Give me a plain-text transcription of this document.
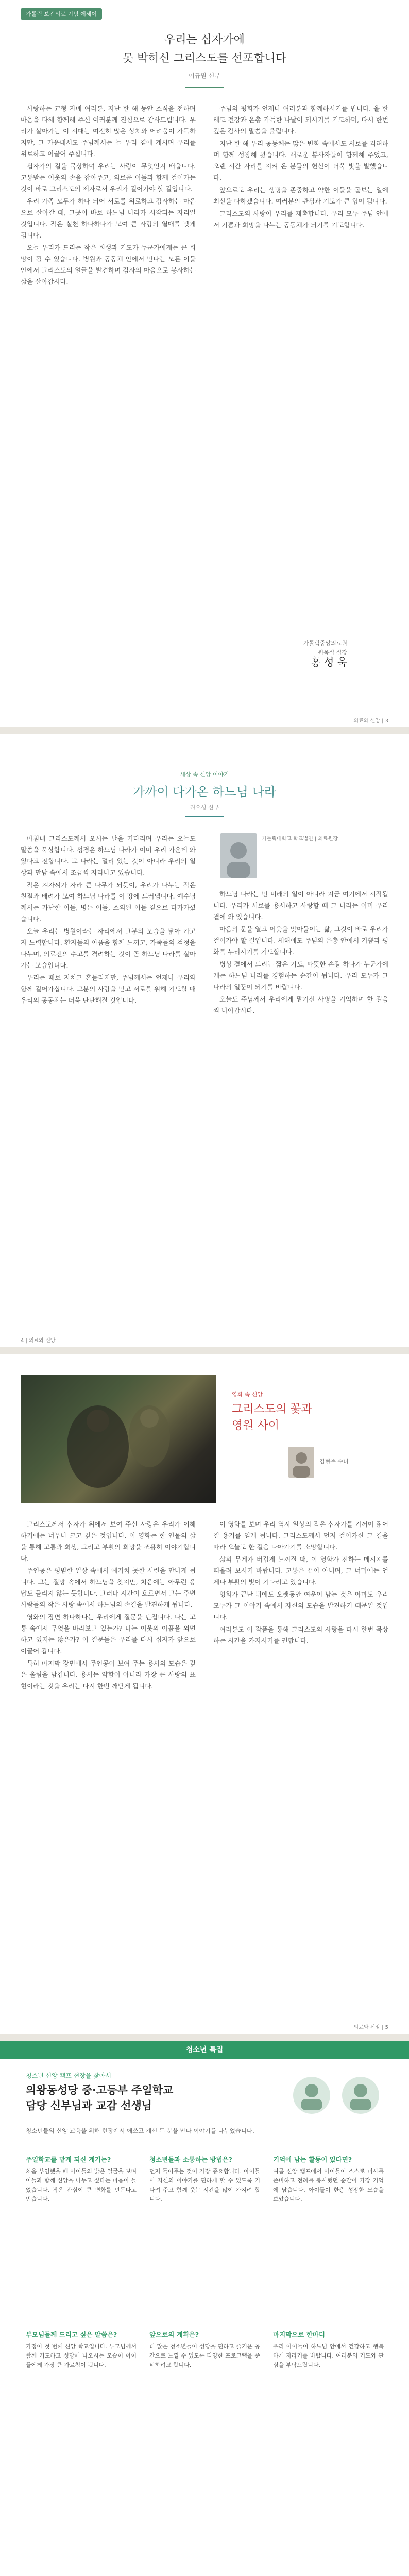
가톨릭 보건의료 기념 에세이
우리는 십자가에
못 박히신 그리스도를 선포합니다
이규원 신부

사랑하는 교형 자매 여러분, 지난 한 해 동안 소식을 전하며 마음을 다해 함께해 주신 여러분께 진심으로 감사드립니다. 우리가 살아가는 이 시대는 여전히 많은 상처와 어려움이 가득하지만, 그 가운데서도 주님께서는 늘 우리 곁에 계시며 우리를 위로하고 이끌어 주십니다.

십자가의 길을 묵상하며 우리는 사랑이 무엇인지 배웁니다. 고통받는 이웃의 손을 잡아주고, 외로운 이들과 함께 걸어가는 것이 바로 그리스도의 제자로서 우리가 걸어가야 할 길입니다.

우리 가족 모두가 하나 되어 서로를 위로하고 감사하는 마음으로 살아갈 때, 그곳이 바로 하느님 나라가 시작되는 자리일 것입니다. 작은 실천 하나하나가 모여 큰 사랑의 열매를 맺게 됩니다.

오늘 우리가 드리는 작은 희생과 기도가 누군가에게는 큰 희망이 될 수 있습니다. 병원과 공동체 안에서 만나는 모든 이들 안에서 그리스도의 얼굴을 발견하며 감사의 마음으로 봉사하는 삶을 살아갑시다.

주님의 평화가 언제나 여러분과 함께하시기를 빕니다. 올 한 해도 건강과 은총 가득한 나날이 되시기를 기도하며, 다시 한번 깊은 감사의 말씀을 올립니다.

지난 한 해 우리 공동체는 많은 변화 속에서도 서로를 격려하며 함께 성장해 왔습니다. 새로운 봉사자들이 함께해 주었고, 오랜 시간 자리를 지켜 온 분들의 헌신이 더욱 빛을 발했습니다.

앞으로도 우리는 생명을 존중하고 약한 이들을 돌보는 일에 최선을 다하겠습니다. 여러분의 관심과 기도가 큰 힘이 됩니다.

그리스도의 사랑이 우리를 재촉합니다. 우리 모두 주님 안에서 기쁨과 희망을 나누는 공동체가 되기를 기도합니다.

가톨릭중앙의료원
원목실 실장
홍 성 욱
의료와 신앙 | 3
세상 속 신앙 이야기
가까이 다가온 하느님 나라
권오성 신부
가톨릭대학교 학교법인 | 의료원장

마침내 그리스도께서 오시는 날을 기다리며 우리는 오늘도 말씀을 묵상합니다. 성경은 하느님 나라가 이미 우리 가운데 와 있다고 전합니다. 그 나라는 멀리 있는 것이 아니라 우리의 일상과 만남 속에서 조금씩 자라나고 있습니다.

작은 겨자씨가 자라 큰 나무가 되듯이, 우리가 나누는 작은 친절과 배려가 모여 하느님 나라를 이 땅에 드러냅니다. 예수님께서는 가난한 이들, 병든 이들, 소외된 이들 곁으로 다가가셨습니다.

오늘 우리는 병원이라는 자리에서 그분의 모습을 닮아 가고자 노력합니다. 환자들의 아픔을 함께 느끼고, 가족들의 걱정을 나누며, 의료진의 수고를 격려하는 것이 곧 하느님 나라를 살아가는 모습입니다.

우리는 때로 지치고 흔들리지만, 주님께서는 언제나 우리와 함께 걸어가십니다. 그분의 사랑을 믿고 서로를 위해 기도할 때 우리의 공동체는 더욱 단단해질 것입니다.

하느님 나라는 먼 미래의 일이 아니라 지금 여기에서 시작됩니다. 우리가 서로를 용서하고 사랑할 때 그 나라는 이미 우리 곁에 와 있습니다.

마음의 문을 열고 이웃을 맞아들이는 삶, 그것이 바로 우리가 걸어가야 할 길입니다. 새해에도 주님의 은총 안에서 기쁨과 평화를 누리시기를 기도합니다.

병상 곁에서 드리는 짧은 기도, 따뜻한 손길 하나가 누군가에게는 하느님 나라를 경험하는 순간이 됩니다. 우리 모두가 그 나라의 일꾼이 되기를 바랍니다.

오늘도 주님께서 우리에게 맡기신 사명을 기억하며 한 걸음씩 나아갑시다.

4 | 의료와 신앙
영화 속 신앙
그리스도의 꽃과
영원 사이
김현주 수녀

그리스도께서 십자가 위에서 보여 주신 사랑은 우리가 이해하기에는 너무나 크고 깊은 것입니다. 이 영화는 한 인물의 삶을 통해 고통과 희생, 그리고 부활의 희망을 조용히 이야기합니다.

주인공은 평범한 일상 속에서 예기치 못한 시련을 만나게 됩니다. 그는 절망 속에서 하느님을 찾지만, 처음에는 아무런 응답도 들리지 않는 듯합니다. 그러나 시간이 흐르면서 그는 주변 사람들의 작은 사랑 속에서 하느님의 손길을 발견하게 됩니다.

영화의 장면 하나하나는 우리에게 질문을 던집니다. 나는 고통 속에서 무엇을 바라보고 있는가? 나는 이웃의 아픔을 외면하고 있지는 않은가? 이 질문들은 우리를 다시 십자가 앞으로 이끌어 갑니다.

특히 마지막 장면에서 주인공이 보여 주는 용서의 모습은 깊은 울림을 남깁니다. 용서는 약함이 아니라 가장 큰 사랑의 표현이라는 것을 우리는 다시 한번 깨닫게 됩니다.

이 영화를 보며 우리 역시 일상의 작은 십자가를 기꺼이 짊어질 용기를 얻게 됩니다. 그리스도께서 먼저 걸어가신 그 길을 따라 오늘도 한 걸음 나아가기를 소망합니다.

삶의 무게가 버겁게 느껴질 때, 이 영화가 전하는 메시지를 떠올려 보시기 바랍니다. 고통은 끝이 아니며, 그 너머에는 언제나 부활의 빛이 기다리고 있습니다.

영화가 끝난 뒤에도 오랫동안 여운이 남는 것은 아마도 우리 모두가 그 이야기 속에서 자신의 모습을 발견하기 때문일 것입니다.

여러분도 이 작품을 통해 그리스도의 사랑을 다시 한번 묵상하는 시간을 가지시기를 권합니다.

의료와 신앙 | 5
청소년 특집
청소년 신앙 캠프 현장을 찾아서
의왕동성당 중·고등부 주일학교
담당 신부님과 교감 선생님
청소년들의 신앙 교육을 위해 현장에서 애쓰고 계신 두 분을 만나 이야기를 나누었습니다.
주일학교를 맡게 되신 계기는?
처음 부임했을 때 아이들의 밝은 얼굴을 보며 이들과 함께 신앙을 나누고 싶다는 마음이 들었습니다. 작은 관심이 큰 변화를 만든다고 믿습니다.
청소년들과 소통하는 방법은?
먼저 들어주는 것이 가장 중요합니다. 아이들이 자신의 이야기를 편하게 할 수 있도록 기다려 주고 함께 웃는 시간을 많이 가지려 합니다.
기억에 남는 활동이 있다면?
여름 신앙 캠프에서 아이들이 스스로 미사를 준비하고 전례를 봉사했던 순간이 가장 기억에 남습니다. 아이들이 한층 성장한 모습을 보았습니다.
부모님들께 드리고 싶은 말씀은?
가정이 첫 번째 신앙 학교입니다. 부모님께서 함께 기도하고 성당에 나오시는 모습이 아이들에게 가장 큰 가르침이 됩니다.
앞으로의 계획은?
더 많은 청소년들이 성당을 편하고 즐거운 공간으로 느낄 수 있도록 다양한 프로그램을 준비하려고 합니다.
마지막으로 한마디
우리 아이들이 하느님 안에서 건강하고 행복하게 자라기를 바랍니다. 여러분의 기도와 관심을 부탁드립니다.
